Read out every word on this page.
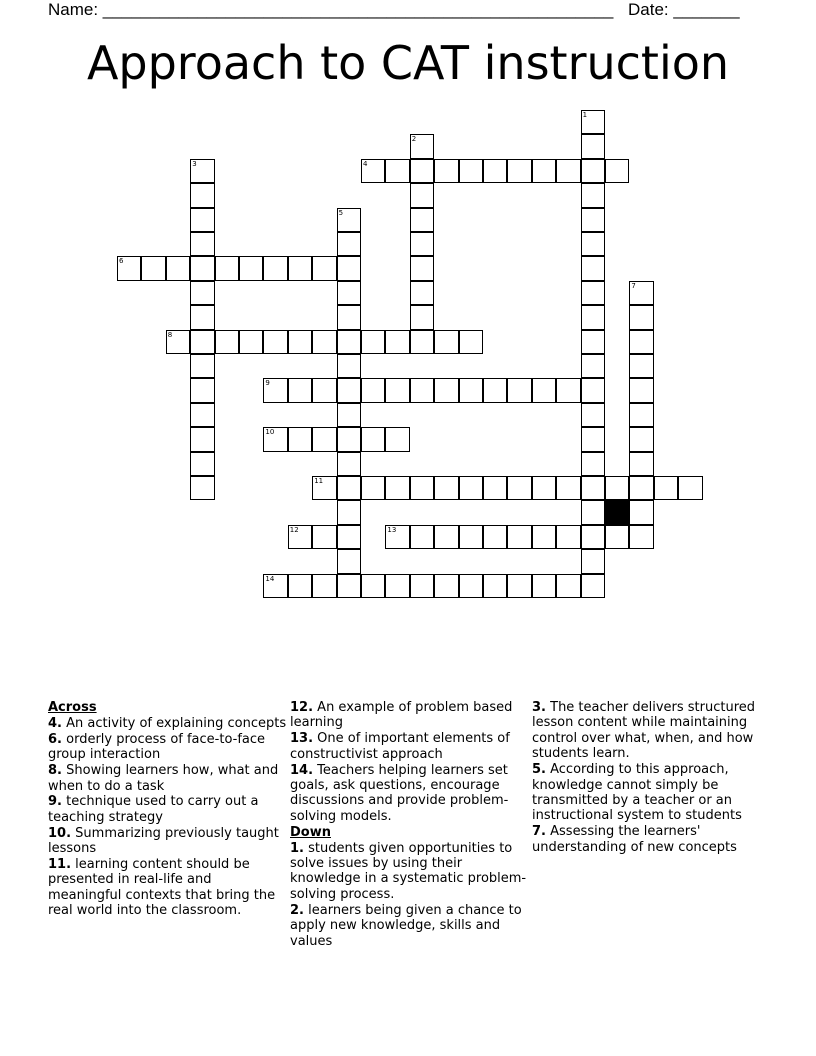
Name: ______________________________________________________ Date: _______
Approach to CAT instruction
1
2
3	4
5
6
7
8
9
10
11
12	13
14
Across
4. An activity of explaining concepts
6. orderly process of face-to-face group interaction
8. Showing learners how, what and when to do a task
9. technique used to carry out a teaching strategy
10. Summarizing previously taught lessons
11. learning content should be presented in real-life and meaningful contexts that bring the real world into the classroom.
12. An example of problem based learning
13. One of important elements of constructivist approach
14. Teachers helping learners set goals, ask questions, encourage discussions and provide problem-solving models.
Down
1. students given opportunities to solve issues by using their knowledge in a systematic problem-solving process.
2. learners being given a chance to apply new knowledge, skills and values
3. The teacher delivers structured lesson content while maintaining control over what, when, and how students learn.
5. According to this approach, knowledge cannot simply be transmitted by a teacher or an instructional system to students
7. Assessing the learners' understanding of new concepts
